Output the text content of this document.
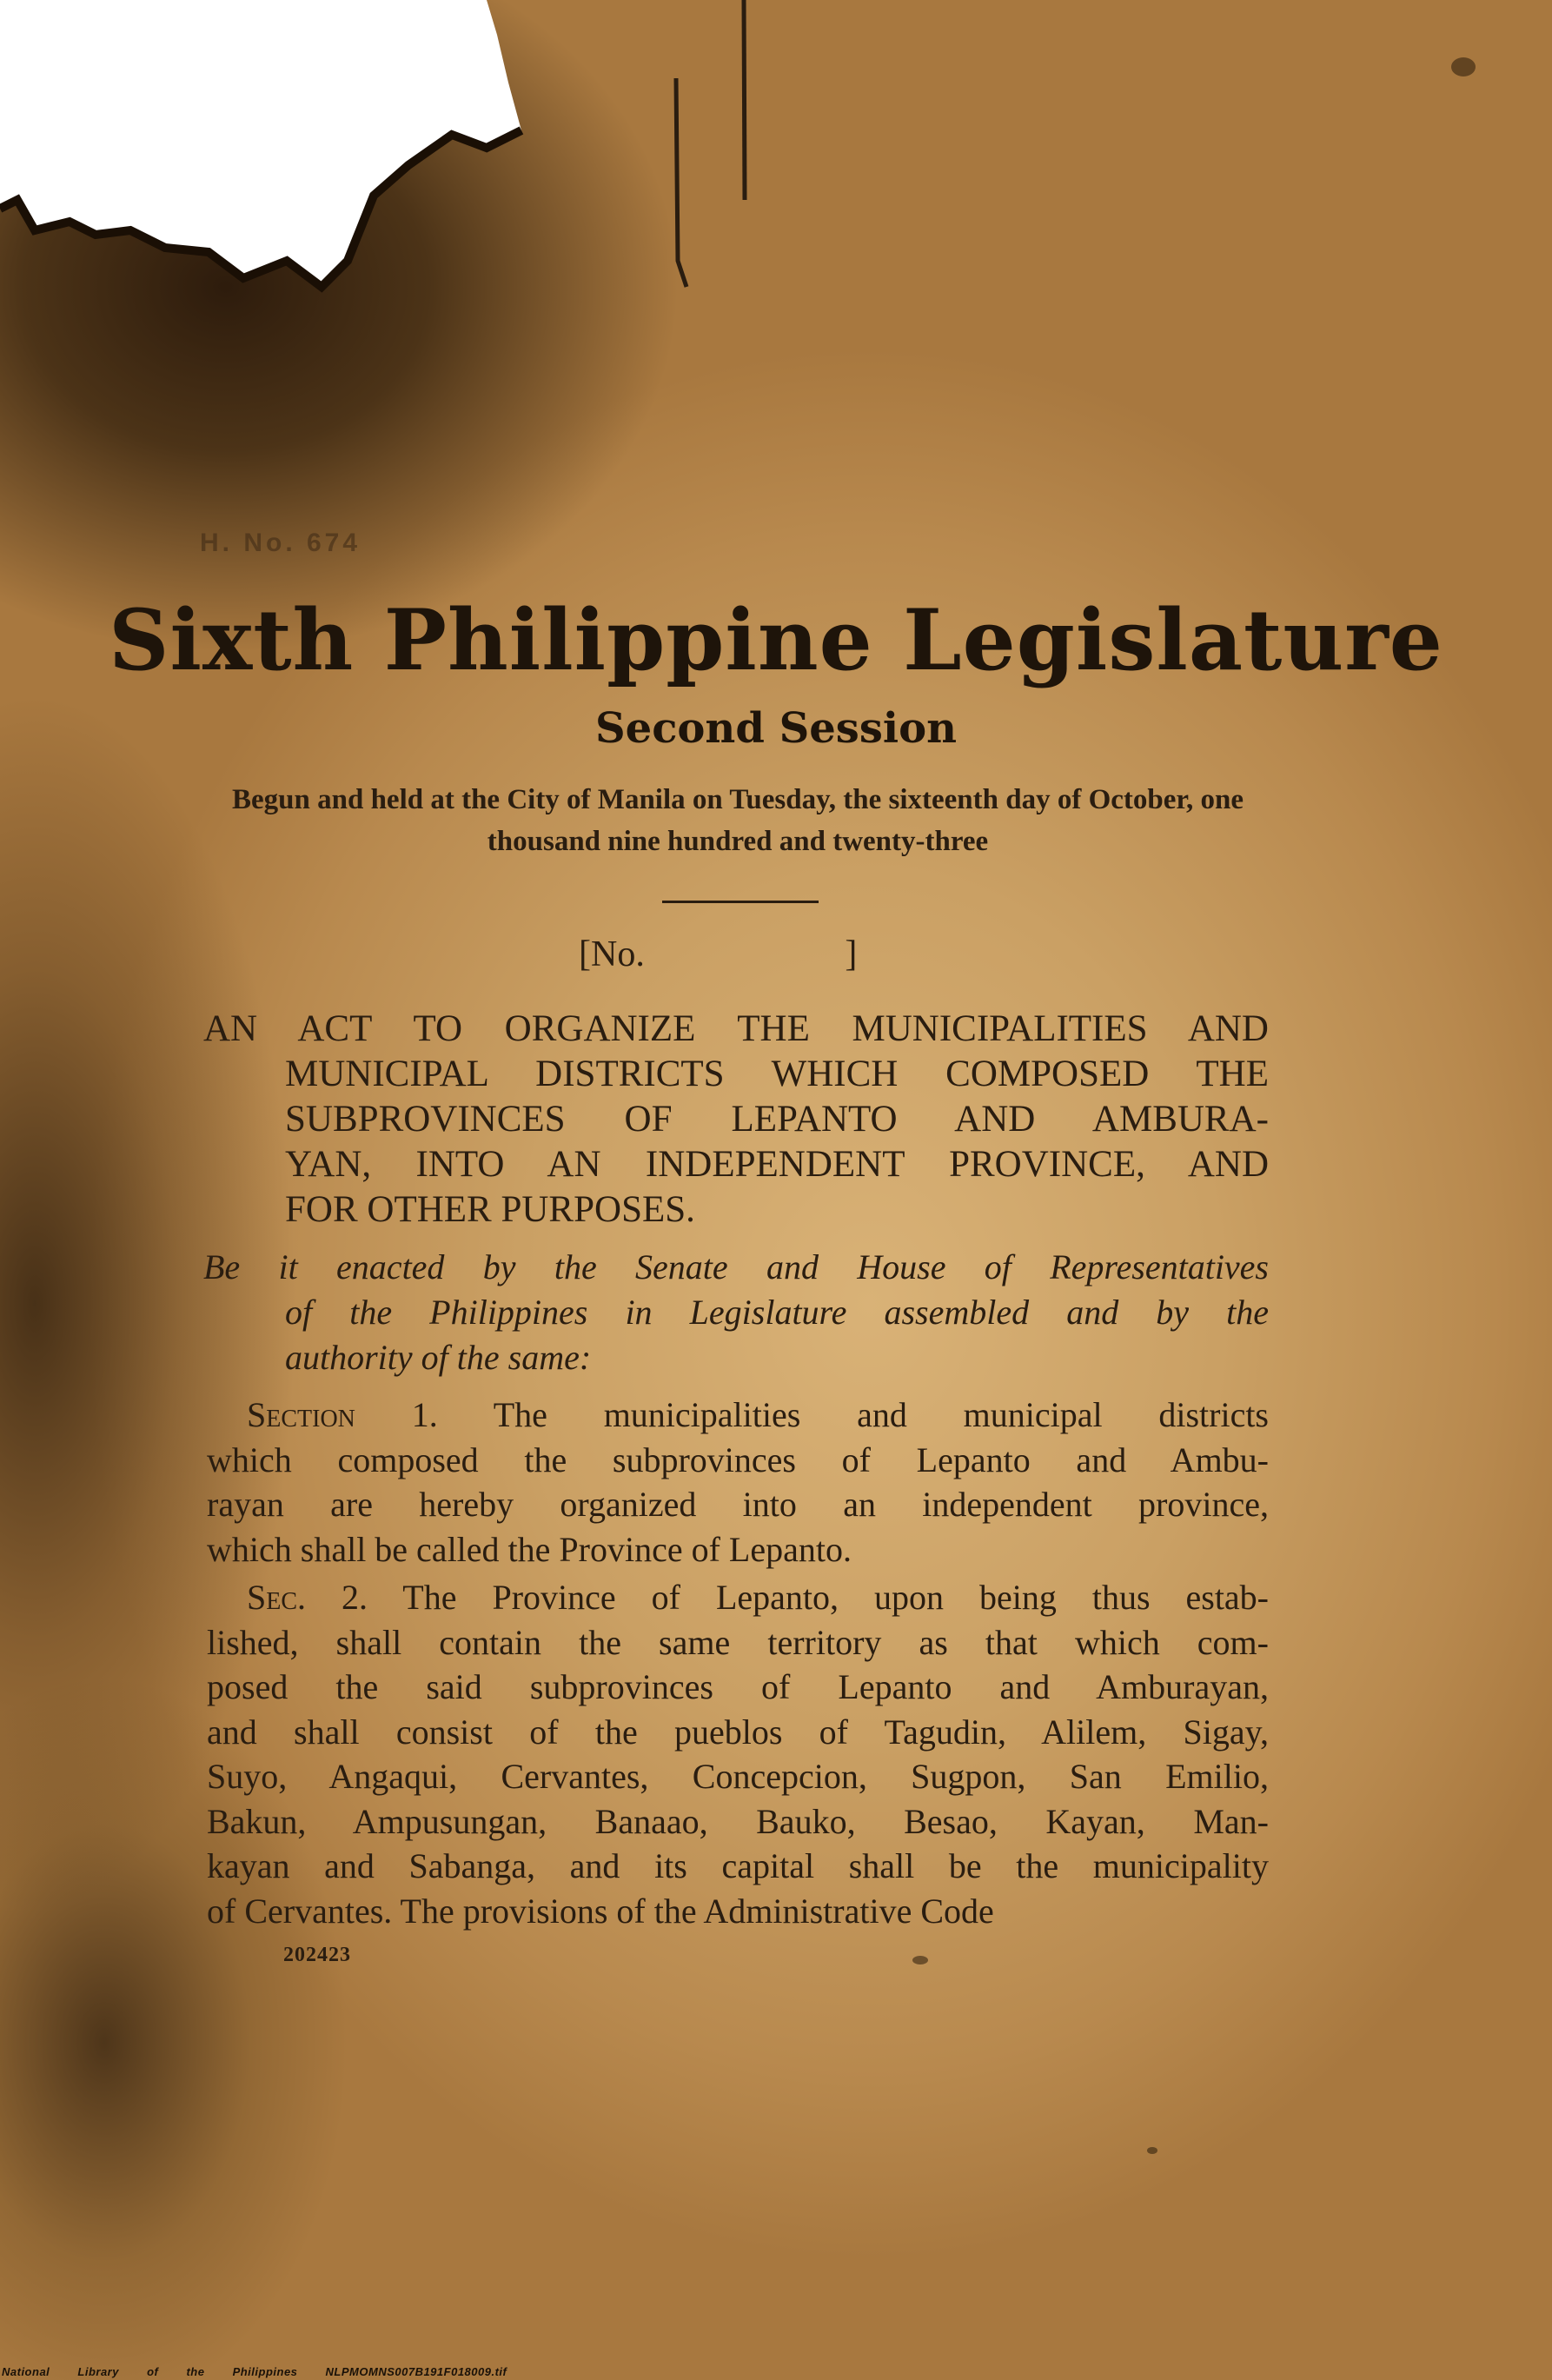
H. No. 674

Sixth Philippine Legislature

Second Session

Begun and held at the City of Manila on Tuesday, the sixteenth day of October, one thousand nine hundred and twenty-three

[No.	]

AN ACT TO ORGANIZE THE MUNICIPALITIES AND
MUNICIPAL DISTRICTS WHICH COMPOSED THE
SUBPROVINCES OF LEPANTO AND AMBURA-
YAN, INTO AN INDEPENDENT PROVINCE, AND
FOR OTHER PURPOSES.
Be it enacted by the Senate and House of Representatives
of the Philippines in Legislature assembled and by the
authority of the same:
Section 1. The municipalities and municipal districts
which composed the subprovinces of Lepanto and Ambu-
rayan are hereby organized into an independent province,
which shall be called the Province of Lepanto.
Sec. 2. The Province of Lepanto, upon being thus estab-
lished, shall contain the same territory as that which com-
posed the said subprovinces of Lepanto and Amburayan,
and shall consist of the pueblos of Tagudin, Alilem, Sigay,
Suyo, Angaqui, Cervantes, Concepcion, Sugpon, San Emilio,
Bakun, Ampusungan, Banaao, Bauko, Besao, Kayan, Man-
kayan and Sabanga, and its capital shall be the municipality
of Cervantes. The provisions of the Administrative Code

202423

National Library of the Philippines NLPMOMNS007B191F018009.tif
